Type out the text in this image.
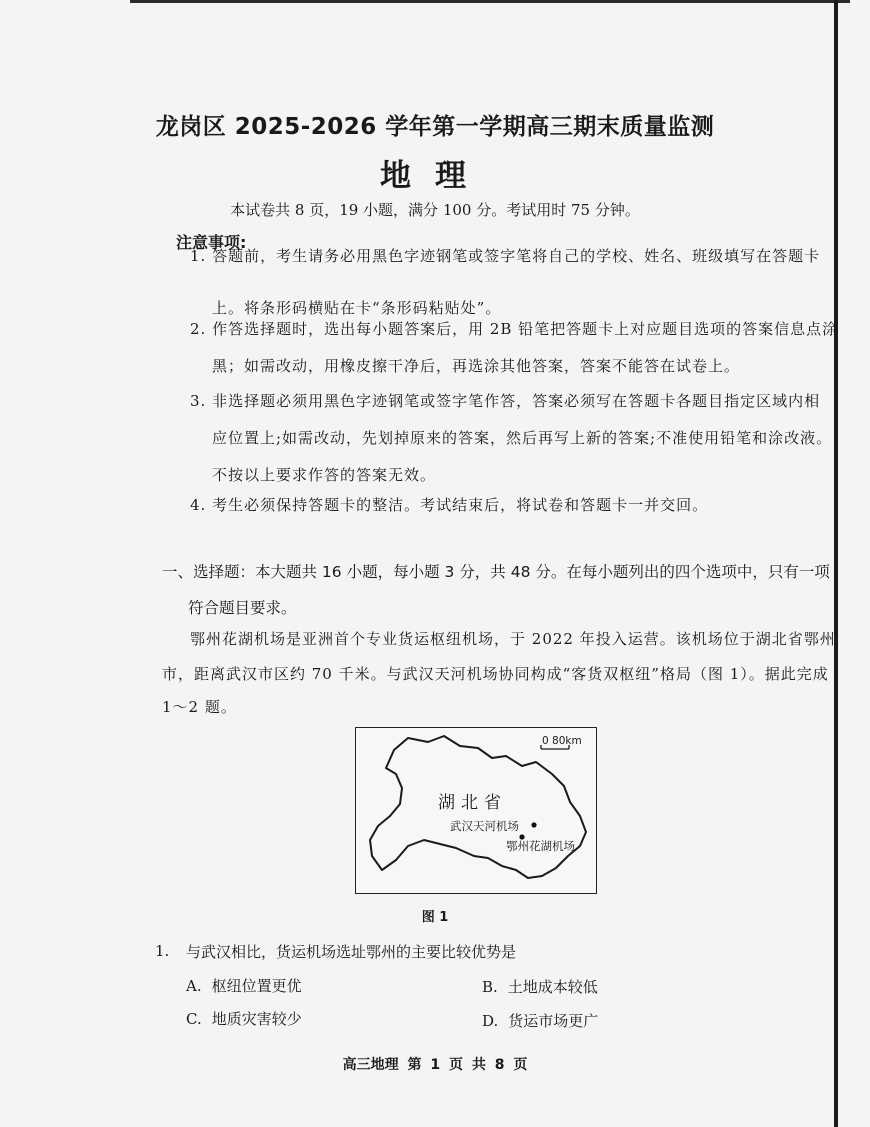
龙岗区 2025-2026 学年第一学期高三期末质量监测
地理
本试卷共 8 页，19 小题，满分 100 分。考试用时 75 分钟。
注意事项:
1. 答题前，考生请务必用黑色字迹钢笔或签字笔将自己的学校、姓名、班级填写在答题卡
上。将条形码横贴在卡“条形码粘贴处”。
2. 作答选择题时，选出每小题答案后，用 2B 铅笔把答题卡上对应题目选项的答案信息点涂
黑；如需改动，用橡皮擦干净后，再选涂其他答案，答案不能答在试卷上。
3. 非选择题必须用黑色字迹钢笔或签字笔作答，答案必须写在答题卡各题目指定区域内相
应位置上;如需改动，先划掉原来的答案，然后再写上新的答案;不准使用铅笔和涂改液。
不按以上要求作答的答案无效。
4. 考生必须保持答题卡的整洁。考试结束后，将试卷和答题卡一并交回。
一、选择题：本大题共 16 小题，每小题 3 分，共 48 分。在每小题列出的四个选项中，只有一项
符合题目要求。
鄂州花湖机场是亚洲首个专业货运枢纽机场，于 2022 年投入运营。该机场位于湖北省鄂州
市，距离武汉市区约 70 千米。与武汉天河机场协同构成“客货双枢纽”格局（图 1）。据此完成
1～2 题。
0 80km
湖北省
武汉天河机场
鄂州花湖机场
图 1
1. 与武汉相比，货运机场选址鄂州的主要比较优势是
A. 枢纽位置更优	B. 土地成本较低
C. 地质灾害较少	D. 货运市场更广
高三地理 第 1 页 共 8 页
